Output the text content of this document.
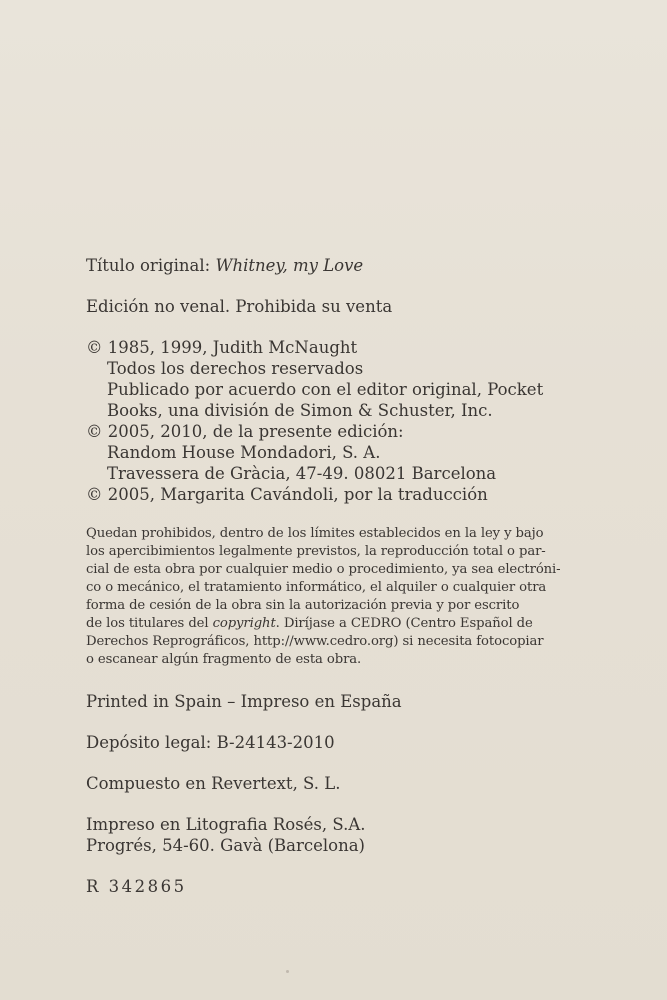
Título original: Whitney, my Love
Edición no venal. Prohibida su venta
© 1985, 1999, Judith McNaught
Todos los derechos reservados
Publicado por acuerdo con el editor original, Pocket
Books, una división de Simon & Schuster, Inc.
© 2005, 2010, de la presente edición:
Random House Mondadori, S. A.
Travessera de Gràcia, 47-49. 08021 Barcelona
© 2005, Margarita Cavándoli, por la traducción
Quedan prohibidos, dentro de los límites establecidos en la ley y bajo
los apercibimientos legalmente previstos, la reproducción total o par-
cial de esta obra por cualquier medio o procedimiento, ya sea electróni-
co o mecánico, el tratamiento informático, el alquiler o cualquier otra
forma de cesión de la obra sin la autorización previa y por escrito
de los titulares del copyright. Diríjase a CEDRO (Centro Español de
Derechos Reprográficos, http://www.cedro.org) si necesita fotocopiar
o escanear algún fragmento de esta obra.
Printed in Spain – Impreso en España
Depósito legal: B-24143-2010
Compuesto en Revertext, S. L.
Impreso en Litografia Rosés, S.A.
Progrés, 54-60. Gavà (Barcelona)
R 342865
